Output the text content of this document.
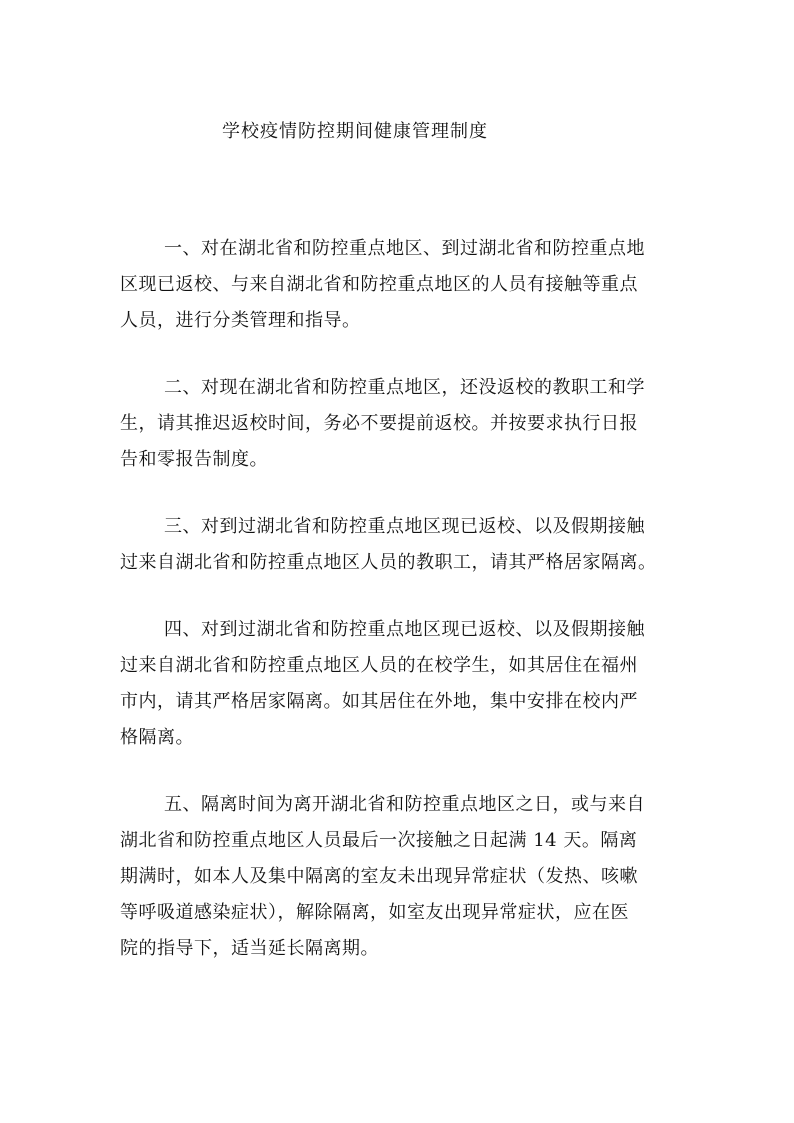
学校疫情防控期间健康管理制度

一、对在湖北省和防控重点地区、到过湖北省和防控重点地
区现已返校、与来自湖北省和防控重点地区的人员有接触等重点
人员，进行分类管理和指导。

二、对现在湖北省和防控重点地区，还没返校的教职工和学
生，请其推迟返校时间，务必不要提前返校。并按要求执行日报
告和零报告制度。

三、对到过湖北省和防控重点地区现已返校、以及假期接触
过来自湖北省和防控重点地区人员的教职工，请其严格居家隔离。

四、对到过湖北省和防控重点地区现已返校、以及假期接触
过来自湖北省和防控重点地区人员的在校学生，如其居住在福州
市内，请其严格居家隔离。如其居住在外地，集中安排在校内严
格隔离。

五、隔离时间为离开湖北省和防控重点地区之日，或与来自
湖北省和防控重点地区人员最后一次接触之日起满 14 天。隔离
期满时，如本人及集中隔离的室友未出现异常症状（发热、咳嗽
等呼吸道感染症状），解除隔离，如室友出现异常症状，应在医
院的指导下，适当延长隔离期。
